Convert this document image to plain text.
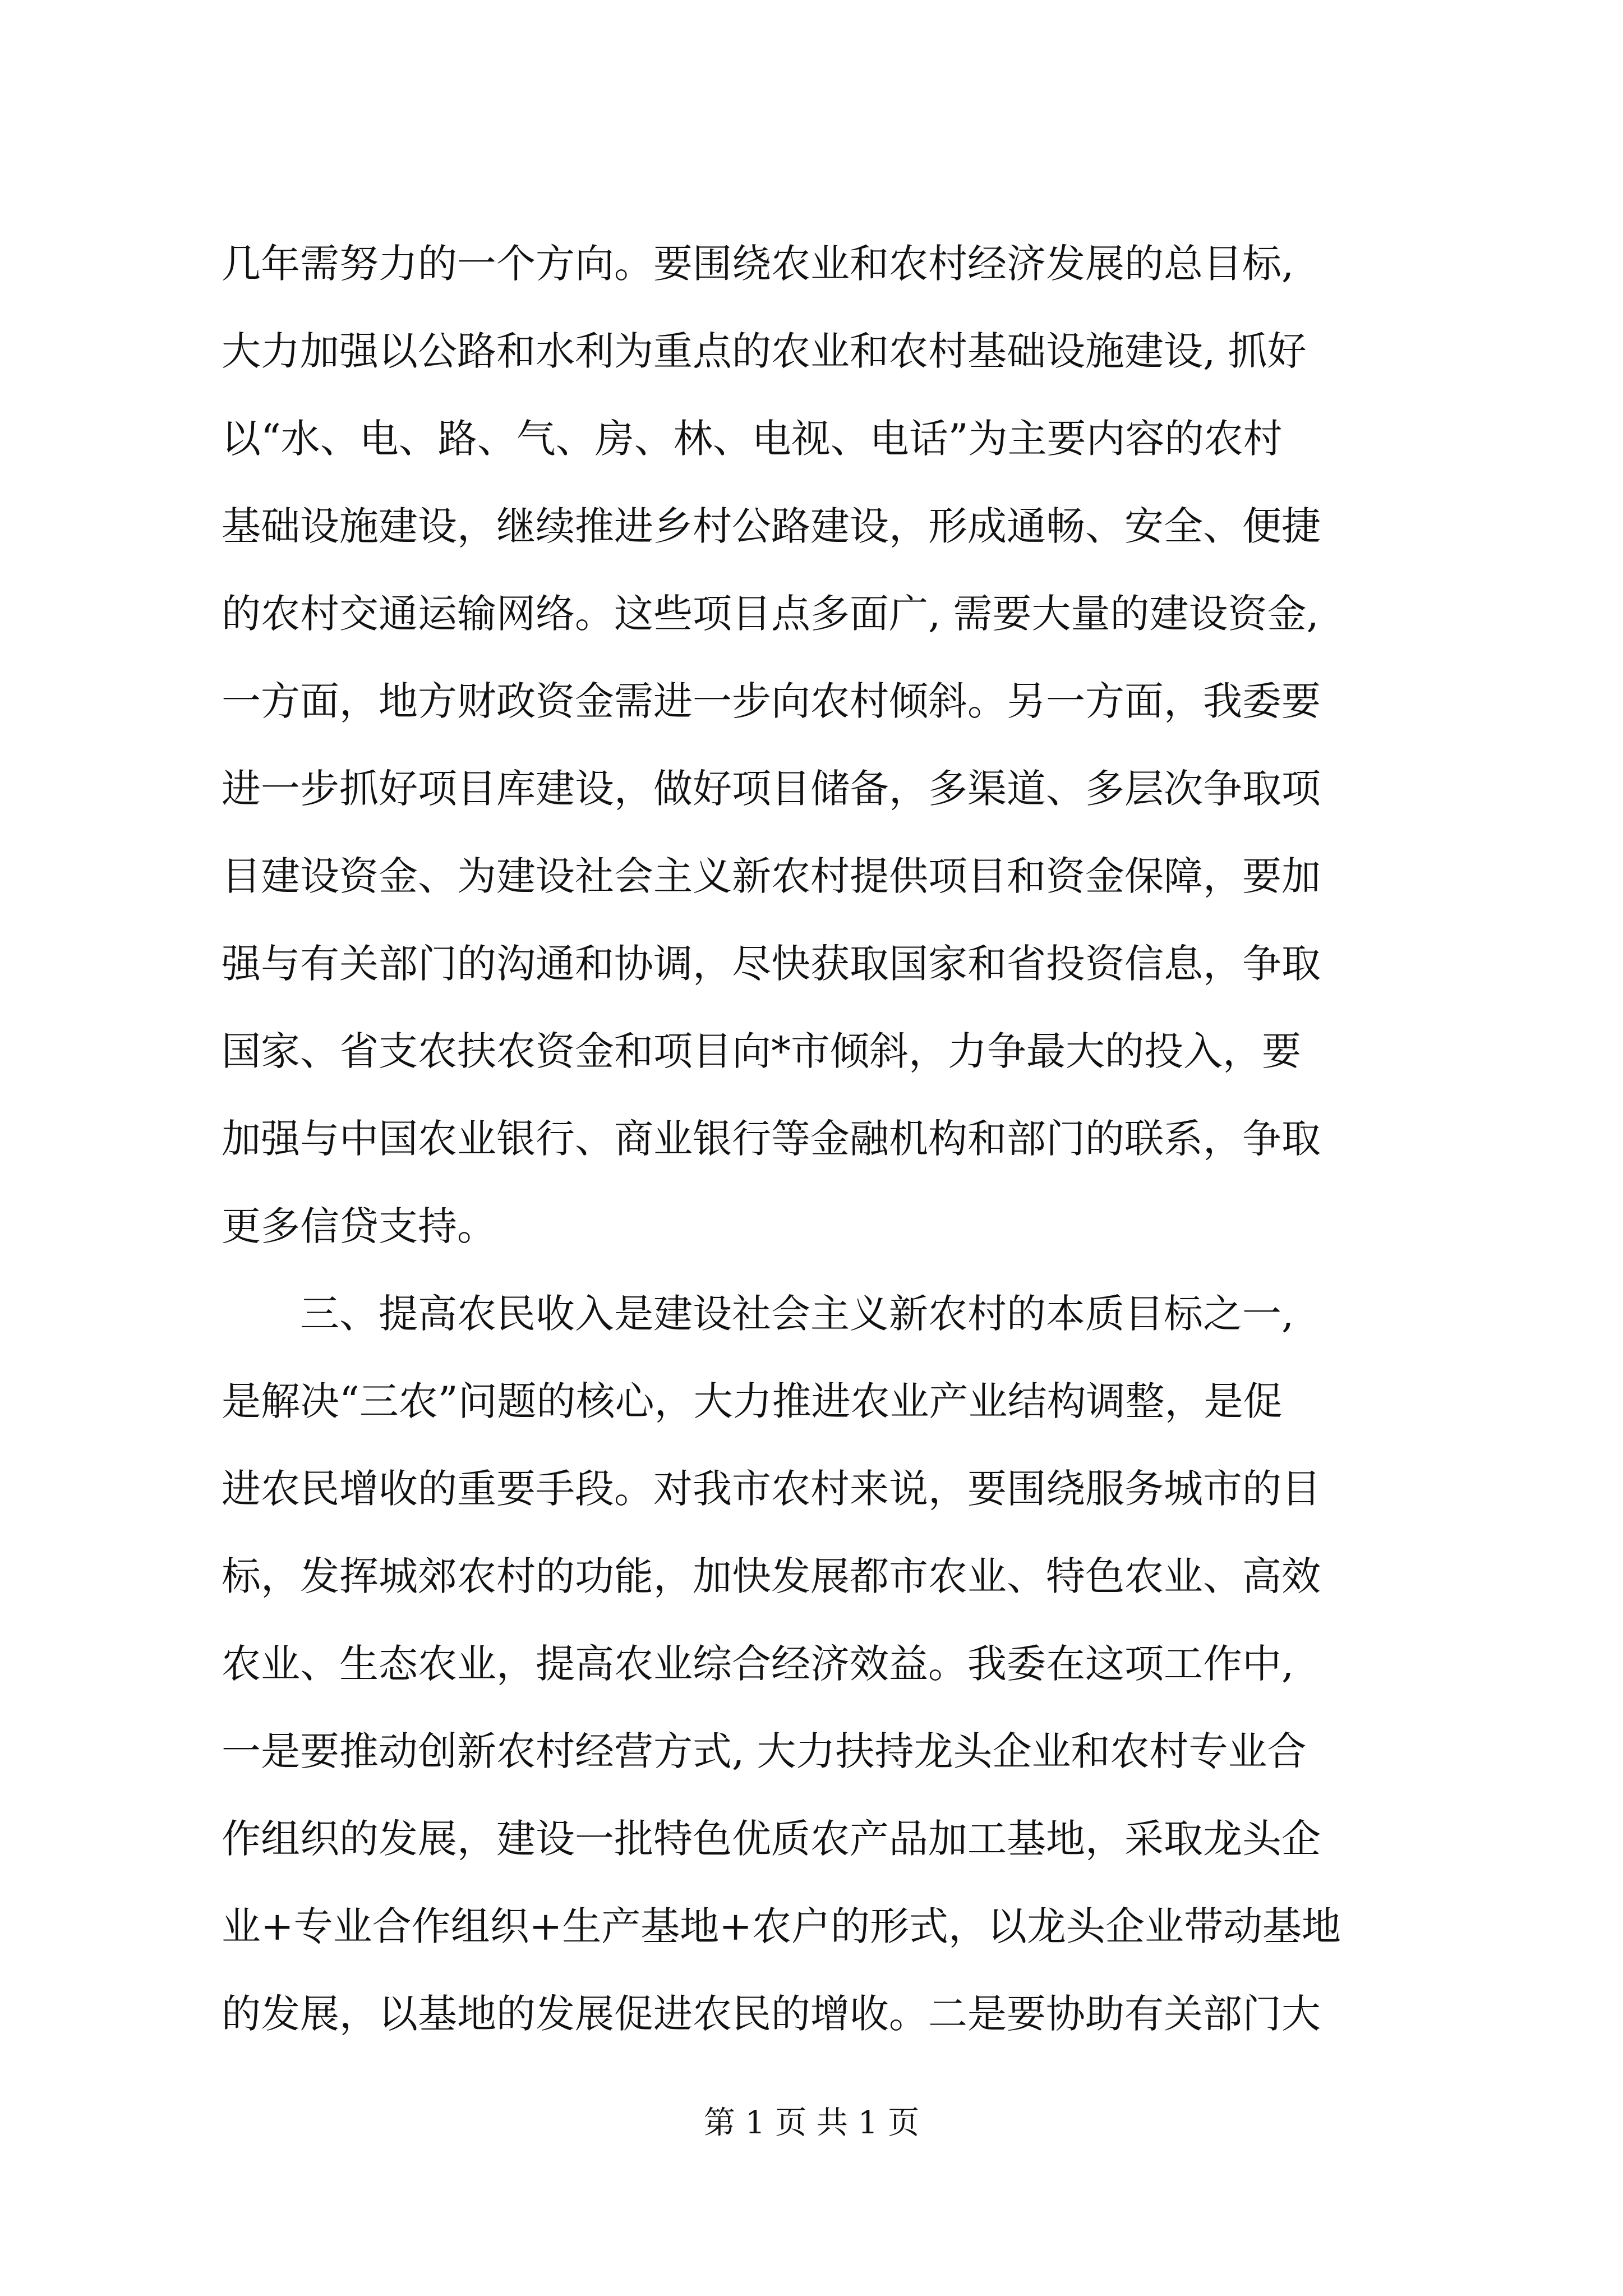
几年需努力的一个方向。要围绕农业和农村经济发展的总目标,
大力加强以公路和水利为重点的农业和农村基础设施建设, 抓好
以“水、电、路、气、房、林、电视、电话”为主要内容的农村
基础设施建设，继续推进乡村公路建设，形成通畅、安全、便捷
的农村交通运输网络。这些项目点多面广, 需要大量的建设资金,
一方面，地方财政资金需进一步向农村倾斜。另一方面，我委要
进一步抓好项目库建设，做好项目储备，多渠道、多层次争取项
目建设资金、为建设社会主义新农村提供项目和资金保障，要加
强与有关部门的沟通和协调，尽快获取国家和省投资信息，争取
国家、省支农扶农资金和项目向*市倾斜，力争最大的投入，要
加强与中国农业银行、商业银行等金融机构和部门的联系，争取
更多信贷支持。
　　三、提高农民收入是建设社会主义新农村的本质目标之一,
是解决“三农”问题的核心，大力推进农业产业结构调整，是促
进农民增收的重要手段。对我市农村来说，要围绕服务城市的目
标，发挥城郊农村的功能，加快发展都市农业、特色农业、高效
农业、生态农业，提高农业综合经济效益。我委在这项工作中,
一是要推动创新农村经营方式, 大力扶持龙头企业和农村专业合
作组织的发展，建设一批特色优质农产品加工基地，采取龙头企
业+专业合作组织+生产基地+农户的形式，以龙头企业带动基地
的发展，以基地的发展促进农民的增收。二是要协助有关部门大
第 1 页 共 1 页
